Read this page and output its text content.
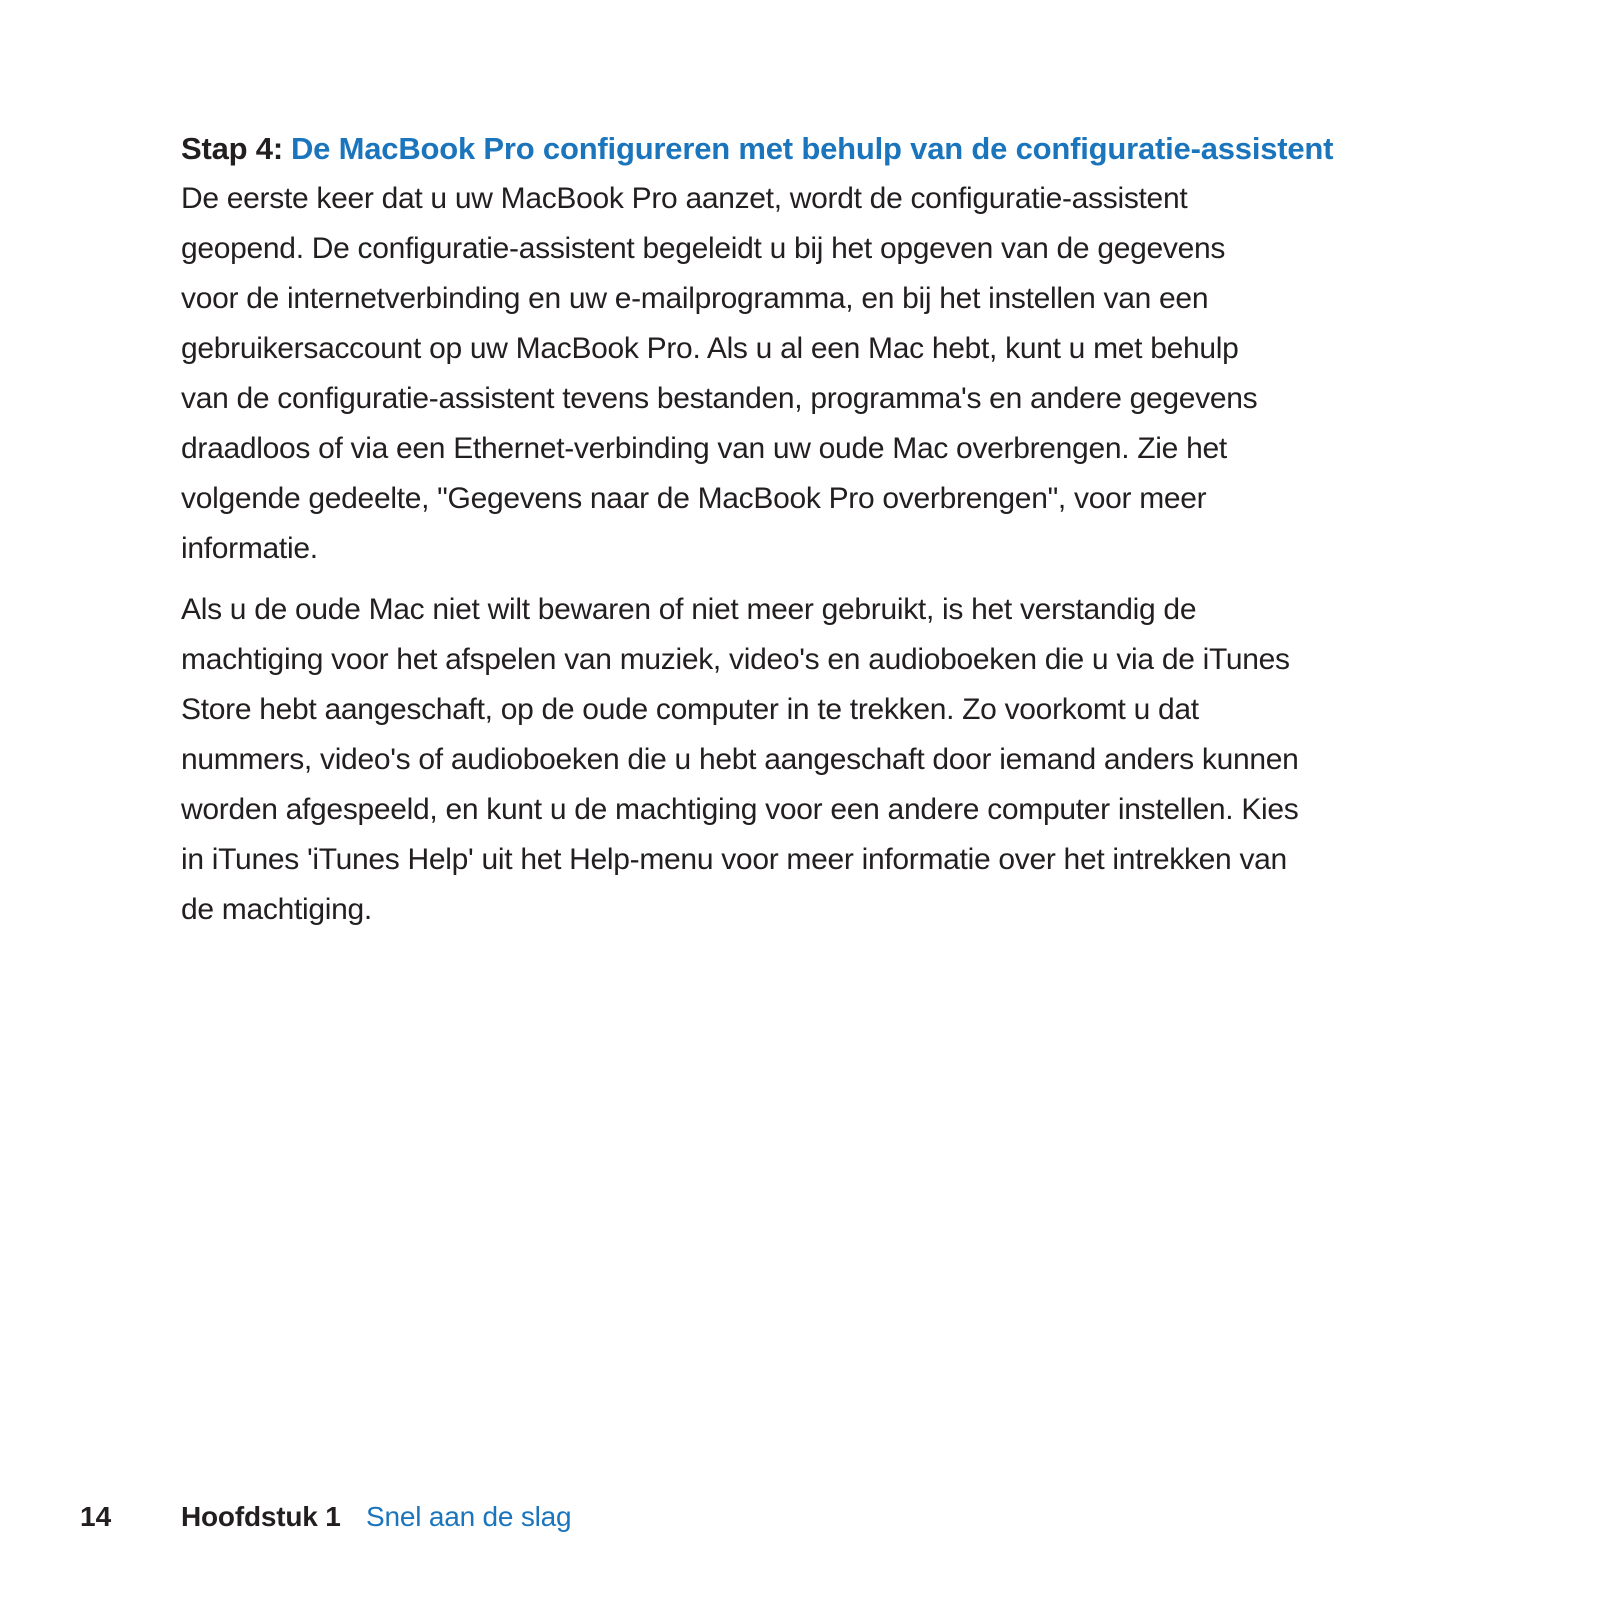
Stap 4: De MacBook Pro configureren met behulp van de configuratie-assistent

De eerste keer dat u uw MacBook Pro aanzet, wordt de configuratie-assistent
geopend. De configuratie-assistent begeleidt u bij het opgeven van de gegevens
voor de internetverbinding en uw e-mailprogramma, en bij het instellen van een
gebruikersaccount op uw MacBook Pro. Als u al een Mac hebt, kunt u met behulp
van de configuratie-assistent tevens bestanden, programma's en andere gegevens
draadloos of via een Ethernet-verbinding van uw oude Mac overbrengen. Zie het
volgende gedeelte, "Gegevens naar de MacBook Pro overbrengen", voor meer
informatie.

Als u de oude Mac niet wilt bewaren of niet meer gebruikt, is het verstandig de
machtiging voor het afspelen van muziek, video's en audioboeken die u via de iTunes
Store hebt aangeschaft, op de oude computer in te trekken. Zo voorkomt u dat
nummers, video's of audioboeken die u hebt aangeschaft door iemand anders kunnen
worden afgespeeld, en kunt u de machtiging voor een andere computer instellen. Kies
in iTunes 'iTunes Help' uit het Help-menu voor meer informatie over het intrekken van
de machtiging.

14 Hoofdstuk 1 Snel aan de slag
